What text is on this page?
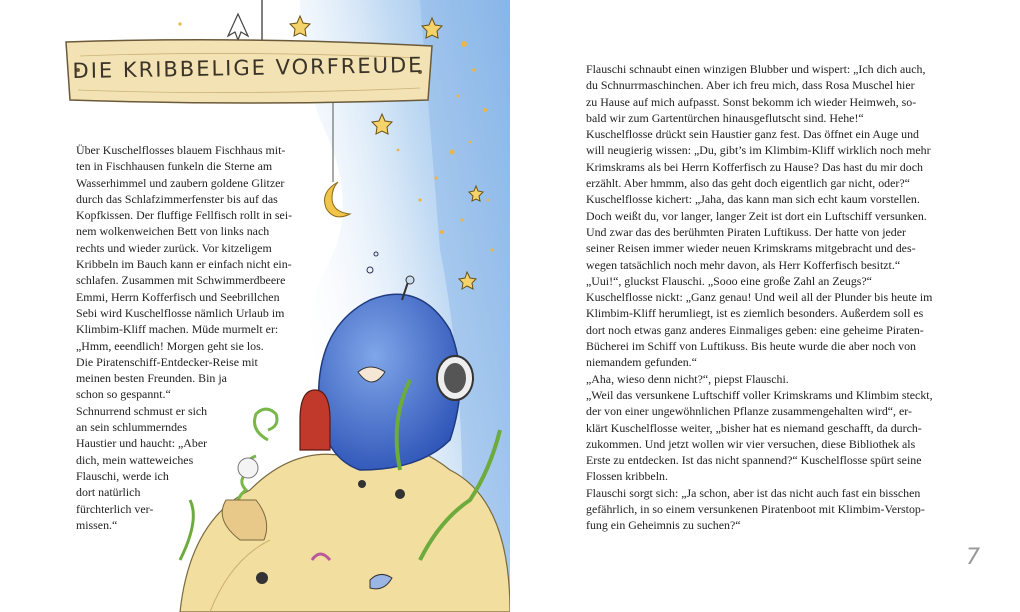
DIE KRIBBELIGE VORFREUDE

Über Kuschelflosses blauem Fischhaus mit-

ten in Fischhausen funkeln die Sterne am

Wasserhimmel und zaubern goldene Glitzer

durch das Schlafzimmerfenster bis auf das

Kopfkissen. Der fluffige Fellfisch rollt in sei-

nem wolkenweichen Bett von links nach

rechts und wieder zurück. Vor kitzeligem

Kribbeln im Bauch kann er einfach nicht ein-

schlafen. Zusammen mit Schwimmerdbeere

Emmi, Herrn Kofferfisch und Seebrillchen

Sebi wird Kuschelflosse nämlich Urlaub im

Klimbim-Kliff machen. Müde murmelt er:

„Hmm, eeendlich! Morgen geht sie los.

Die Piratenschiff-Entdecker-Reise mit

meinen besten Freunden. Bin ja

schon so gespannt.“

Schnurrend schmust er sich

an sein schlummerndes

Haustier und haucht: „Aber

dich, mein watteweiches

Flauschi, werde ich

dort natürlich

fürchterlich ver-

missen.“

Flauschi schnaubt einen winzigen Blubber und wispert: „Ich dich auch,

du Schnurrmaschinchen. Aber ich freu mich, dass Rosa Muschel hier

zu Hause auf mich aufpasst. Sonst bekomm ich wieder Heimweh, so-

bald wir zum Gartentürchen hinausgeflutscht sind. Hehe!“

Kuschelflosse drückt sein Haustier ganz fest. Das öffnet ein Auge und

will neugierig wissen: „Du, gibt’s im Klimbim-Kliff wirklich noch mehr

Krimskrams als bei Herrn Kofferfisch zu Hause? Das hast du mir doch

erzählt. Aber hmmm, also das geht doch eigentlich gar nicht, oder?“

Kuschelflosse kichert: „Jaha, das kann man sich echt kaum vorstellen.

Doch weißt du, vor langer, langer Zeit ist dort ein Luftschiff versunken.

Und zwar das des berühmten Piraten Luftikuss. Der hatte von jeder

seiner Reisen immer wieder neuen Krimskrams mitgebracht und des-

wegen tatsächlich noch mehr davon, als Herr Kofferfisch besitzt.“

„Uui!“, gluckst Flauschi. „Sooo eine große Zahl an Zeugs?“

Kuschelflosse nickt: „Ganz genau! Und weil all der Plunder bis heute im

Klimbim-Kliff herumliegt, ist es ziemlich besonders. Außerdem soll es

dort noch etwas ganz anderes Einmaliges geben: eine geheime Piraten-

Bücherei im Schiff von Luftikuss. Bis heute wurde die aber noch von

niemandem gefunden.“

„Aha, wieso denn nicht?“, piepst Flauschi.

„Weil das versunkene Luftschiff voller Krimskrams und Klimbim steckt,

der von einer ungewöhnlichen Pflanze zusammengehalten wird“, er-

klärt Kuschelflosse weiter, „bisher hat es niemand geschafft, da durch-

zukommen. Und jetzt wollen wir vier versuchen, diese Bibliothek als

Erste zu entdecken. Ist das nicht spannend?“ Kuschelflosse spürt seine

Flossen kribbeln.

Flauschi sorgt sich: „Ja schon, aber ist das nicht auch fast ein bisschen

gefährlich, in so einem versunkenen Piratenboot mit Klimbim-Verstop-

fung ein Geheimnis zu suchen?“

7
